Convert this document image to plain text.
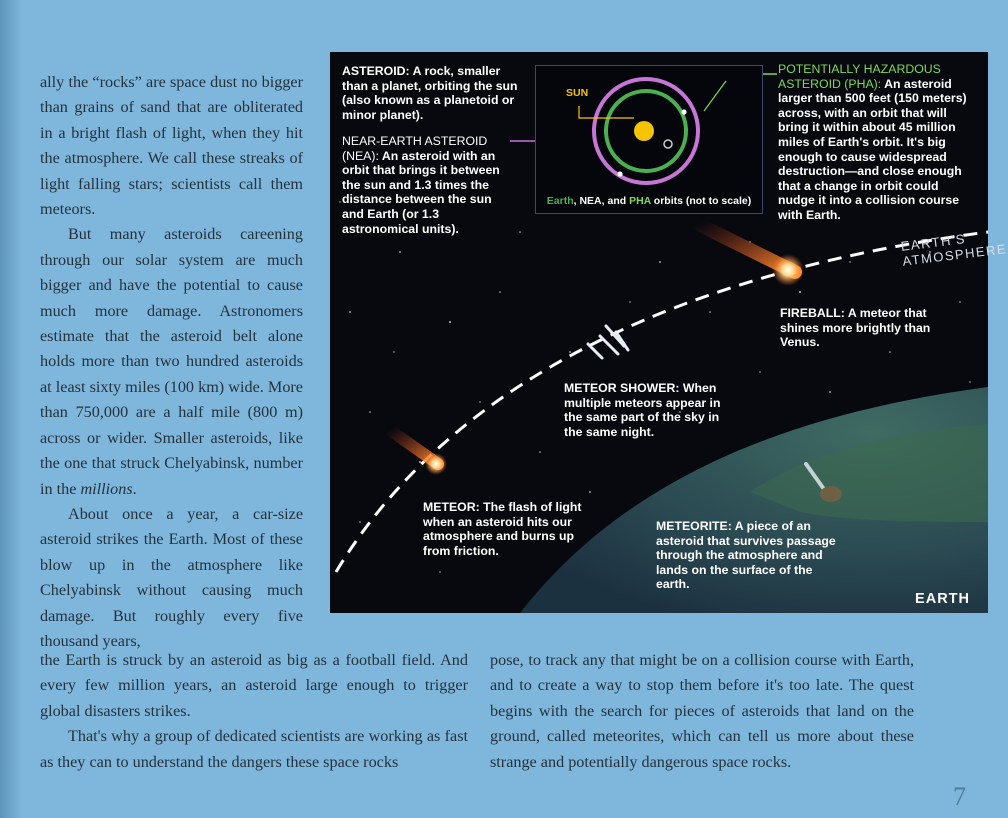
ally the “rocks” are space dust no bigger than grains of sand that are obliterated in a bright flash of light, when they hit the atmosphere. We call these streaks of light falling stars; scientists call them meteors.

But many asteroids careening through our solar system are much bigger and have the potential to cause much more damage. Astronomers estimate that the asteroid belt alone holds more than two hundred asteroids at least sixty miles (100 km) wide. More than 750,000 are a half mile (800 m) across or wider. Smaller asteroids, like the one that struck Chelyabinsk, number in the millions.

About once a year, a car-size asteroid strikes the Earth. Most of these blow up in the atmosphere like Chelyabinsk without causing much damage. But roughly every five thousand years,

the Earth is struck by an asteroid as big as a football field. And every few million years, an asteroid large enough to trigger global disasters strikes.

That's why a group of dedicated scientists are working as fast as they can to understand the dangers these space rocks

pose, to track any that might be on a collision course with Earth, and to create a way to stop them before it's too late. The quest begins with the search for pieces of asteroids that land on the ground, called meteorites, which can tell us more about these strange and potentially dangerous space rocks.

7
SUN
Earth, NEA, and PHA orbits (not to scale)
ASTEROID: A rock, smaller than a planet, orbiting the sun (also known as a planetoid or minor planet).
NEAR-EARTH ASTEROID (NEA): An asteroid with an orbit that brings it between the sun and 1.3 times the distance between the sun and Earth (or 1.3 astronomical units).
POTENTIALLY HAZARDOUS ASTEROID (PHA): An asteroid larger than 500 feet (150 meters) across, with an orbit that will bring it within about 45 million miles of Earth's orbit. It's big enough to cause widespread destruction—and close enough that a change in orbit could nudge it into a collision course with Earth.
EARTH'S ATMOSPHERE
FIREBALL: A meteor that shines more brightly than Venus.
METEOR SHOWER: When multiple meteors appear in the same part of the sky in the same night.
METEOR: The flash of light when an asteroid hits our atmosphere and burns up from friction.
METEORITE: A piece of an asteroid that survives passage through the atmosphere and lands on the surface of the earth.
EARTH
